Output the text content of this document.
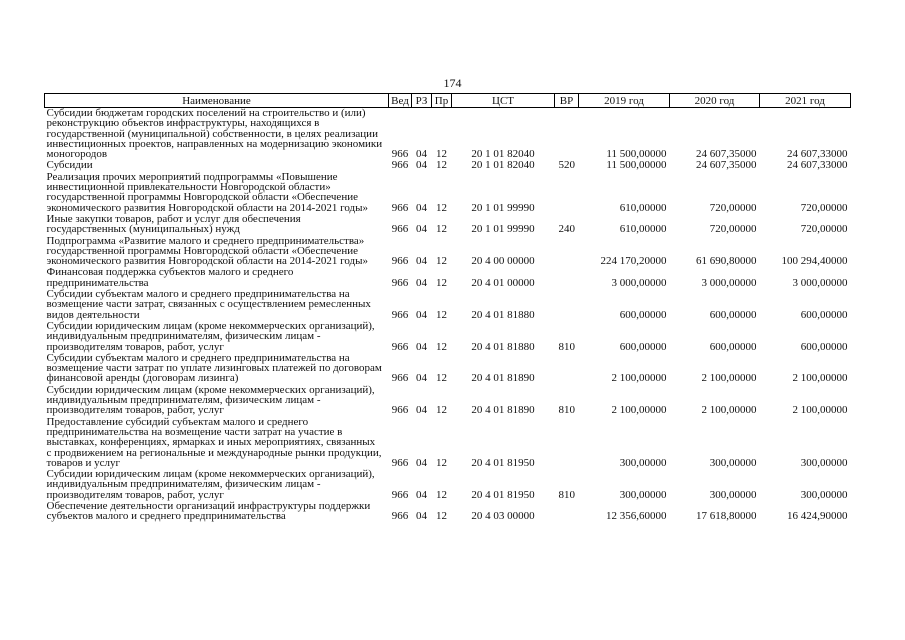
174
Наименование	Вед	РЗ	Пр	ЦСТ	ВР	2019 год	2020 год	2021 год
Субсидии бюджетам городских поселений на строительство и (или) реконструкцию объектов инфраструктуры, находящихся в государственной (муниципальной) собственности, в целях реализации инвестиционных проектов, направленных на модернизацию экономики моногородов	966	04	12	20 1 01 82040		11 500,00000	24 607,35000	24 607,33000
Субсидии	966	04	12	20 1 01 82040	520	11 500,00000	24 607,35000	24 607,33000
Реализация прочих мероприятий подпрограммы «Повышение инвестиционной привлекательности Новгородской области» государственной программы Новгородской области «Обеспечение экономического развития Новгородской области на 2014-2021 годы»	966	04	12	20 1 01 99990		610,00000	720,00000	720,00000
Иные закупки товаров, работ и услуг для обеспечения государственных (муниципальных) нужд	966	04	12	20 1 01 99990	240	610,00000	720,00000	720,00000
Подпрограмма «Развитие малого и среднего предпринимательства» государственной программы Новгородской области «Обеспечение экономического развития Новгородской области на 2014-2021 годы»	966	04	12	20 4 00 00000		224 170,20000	61 690,80000	100 294,40000
Финансовая поддержка субъектов малого и среднего предпринимательства	966	04	12	20 4 01 00000		3 000,00000	3 000,00000	3 000,00000
Субсидии субъектам малого и среднего предпринимательства на возмещение части затрат, связанных с осуществлением ремесленных видов деятельности	966	04	12	20 4 01 81880		600,00000	600,00000	600,00000
Субсидии юридическим лицам (кроме некоммерческих организаций), индивидуальным предпринимателям, физическим лицам - производителям товаров, работ, услуг	966	04	12	20 4 01 81880	810	600,00000	600,00000	600,00000
Субсидии субъектам малого и среднего предпринимательства на возмещение части затрат по уплате лизинговых платежей по договорам финансовой аренды (договорам лизинга)	966	04	12	20 4 01 81890		2 100,00000	2 100,00000	2 100,00000
Субсидии юридическим лицам (кроме некоммерческих организаций), индивидуальным предпринимателям, физическим лицам - производителям товаров, работ, услуг	966	04	12	20 4 01 81890	810	2 100,00000	2 100,00000	2 100,00000
Предоставление субсидий субъектам малого и среднего предпринимательства на возмещение части затрат на участие в выставках, конференциях, ярмарках и иных мероприятиях, связанных с продвижением на региональные и международные рынки продукции, товаров и услуг	966	04	12	20 4 01 81950		300,00000	300,00000	300,00000
Субсидии юридическим лицам (кроме некоммерческих организаций), индивидуальным предпринимателям, физическим лицам - производителям товаров, работ, услуг	966	04	12	20 4 01 81950	810	300,00000	300,00000	300,00000
Обеспечение деятельности организаций инфраструктуры поддержки субъектов малого и среднего предпринимательства	966	04	12	20 4 03 00000		12 356,60000	17 618,80000	16 424,90000
